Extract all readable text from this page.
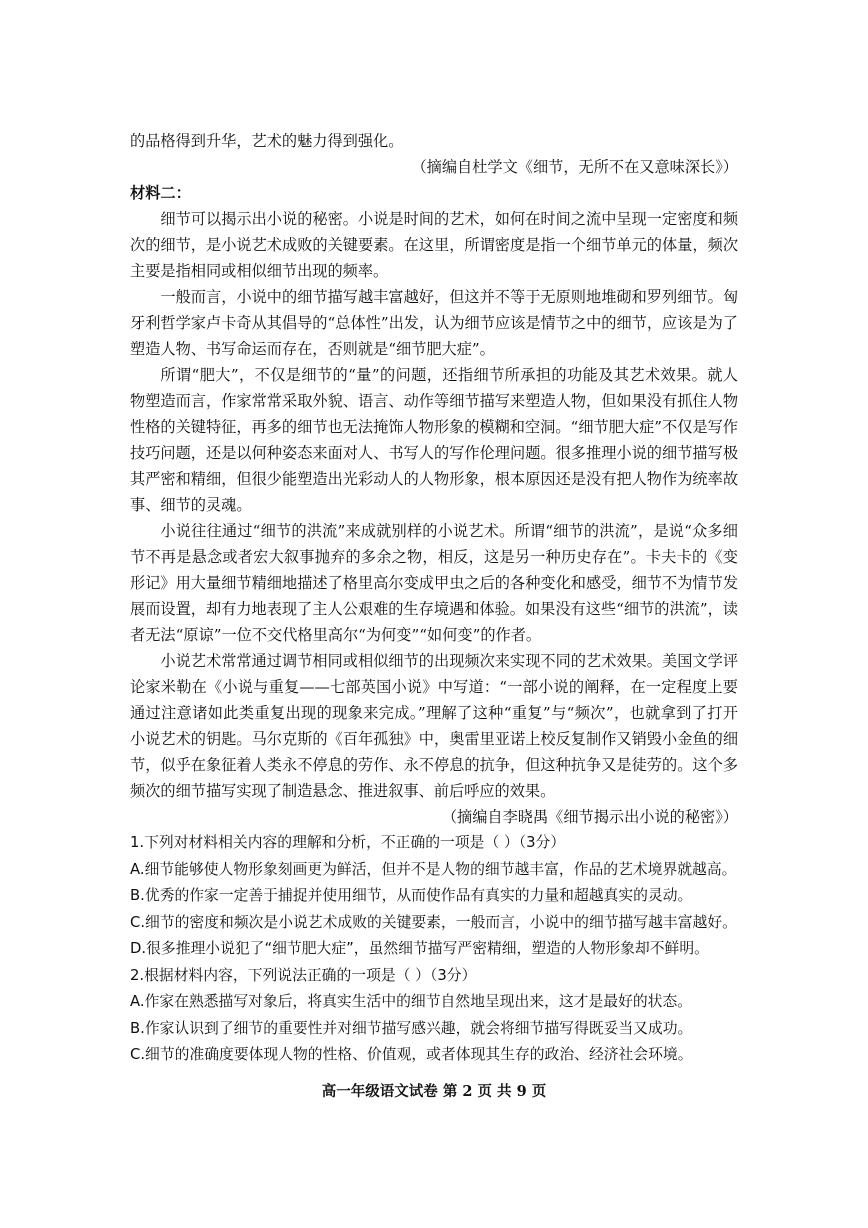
的品格得到升华，艺术的魅力得到强化。

（摘编自杜学文《细节，无所不在又意味深长》）

材料二：

细节可以揭示出小说的秘密。小说是时间的艺术，如何在时间之流中呈现一定密度和频次的细节，是小说艺术成败的关键要素。在这里，所谓密度是指一个细节单元的体量，频次主要是指相同或相似细节出现的频率。

一般而言，小说中的细节描写越丰富越好，但这并不等于无原则地堆砌和罗列细节。匈牙利哲学家卢卡奇从其倡导的“总体性”出发，认为细节应该是情节之中的细节，应该是为了塑造人物、书写命运而存在，否则就是“细节肥大症”。

所谓“肥大”，不仅是细节的“量”的问题，还指细节所承担的功能及其艺术效果。就人物塑造而言，作家常常采取外貌、语言、动作等细节描写来塑造人物，但如果没有抓住人物性格的关键特征，再多的细节也无法掩饰人物形象的模糊和空洞。“细节肥大症”不仅是写作技巧问题，还是以何种姿态来面对人、书写人的写作伦理问题。很多推理小说的细节描写极其严密和精细，但很少能塑造出光彩动人的人物形象，根本原因还是没有把人物作为统率故事、细节的灵魂。

小说往往通过“细节的洪流”来成就别样的小说艺术。所谓“细节的洪流”，是说“众多细节不再是悬念或者宏大叙事抛弃的多余之物，相反，这是另一种历史存在”。卡夫卡的《变形记》用大量细节精细地描述了格里高尔变成甲虫之后的各种变化和感受，细节不为情节发展而设置，却有力地表现了主人公艰难的生存境遇和体验。如果没有这些“细节的洪流”，读者无法“原谅”一位不交代格里高尔“为何变”“如何变”的作者。

小说艺术常常通过调节相同或相似细节的出现频次来实现不同的艺术效果。美国文学评论家米勒在《小说与重复——七部英国小说》中写道：“一部小说的阐释，在一定程度上要通过注意诸如此类重复出现的现象来完成。”理解了这种“重复”与“频次”，也就拿到了打开小说艺术的钥匙。马尔克斯的《百年孤独》中，奥雷里亚诺上校反复制作又销毁小金鱼的细节，似乎在象征着人类永不停息的劳作、永不停息的抗争，但这种抗争又是徒劳的。这个多频次的细节描写实现了制造悬念、推进叙事、前后呼应的效果。

（摘编自李晓禺《细节揭示出小说的秘密》）

1.下列对材料相关内容的理解和分析，不正确的一项是（ ）（3分）

A.细节能够使人物形象刻画更为鲜活，但并不是人物的细节越丰富，作品的艺术境界就越高。

B.优秀的作家一定善于捕捉并使用细节，从而使作品有真实的力量和超越真实的灵动。

C.细节的密度和频次是小说艺术成败的关键要素，一般而言，小说中的细节描写越丰富越好。

D.很多推理小说犯了“细节肥大症”，虽然细节描写严密精细，塑造的人物形象却不鲜明。

2.根据材料内容，下列说法正确的一项是（ ）（3分）

A.作家在熟悉描写对象后，将真实生活中的细节自然地呈现出来，这才是最好的状态。

B.作家认识到了细节的重要性并对细节描写感兴趣，就会将细节描写得既妥当又成功。

C.细节的准确度要体现人物的性格、价值观，或者体现其生存的政治、经济社会环境。

高一年级语文试卷 第 2 页 共 9 页
